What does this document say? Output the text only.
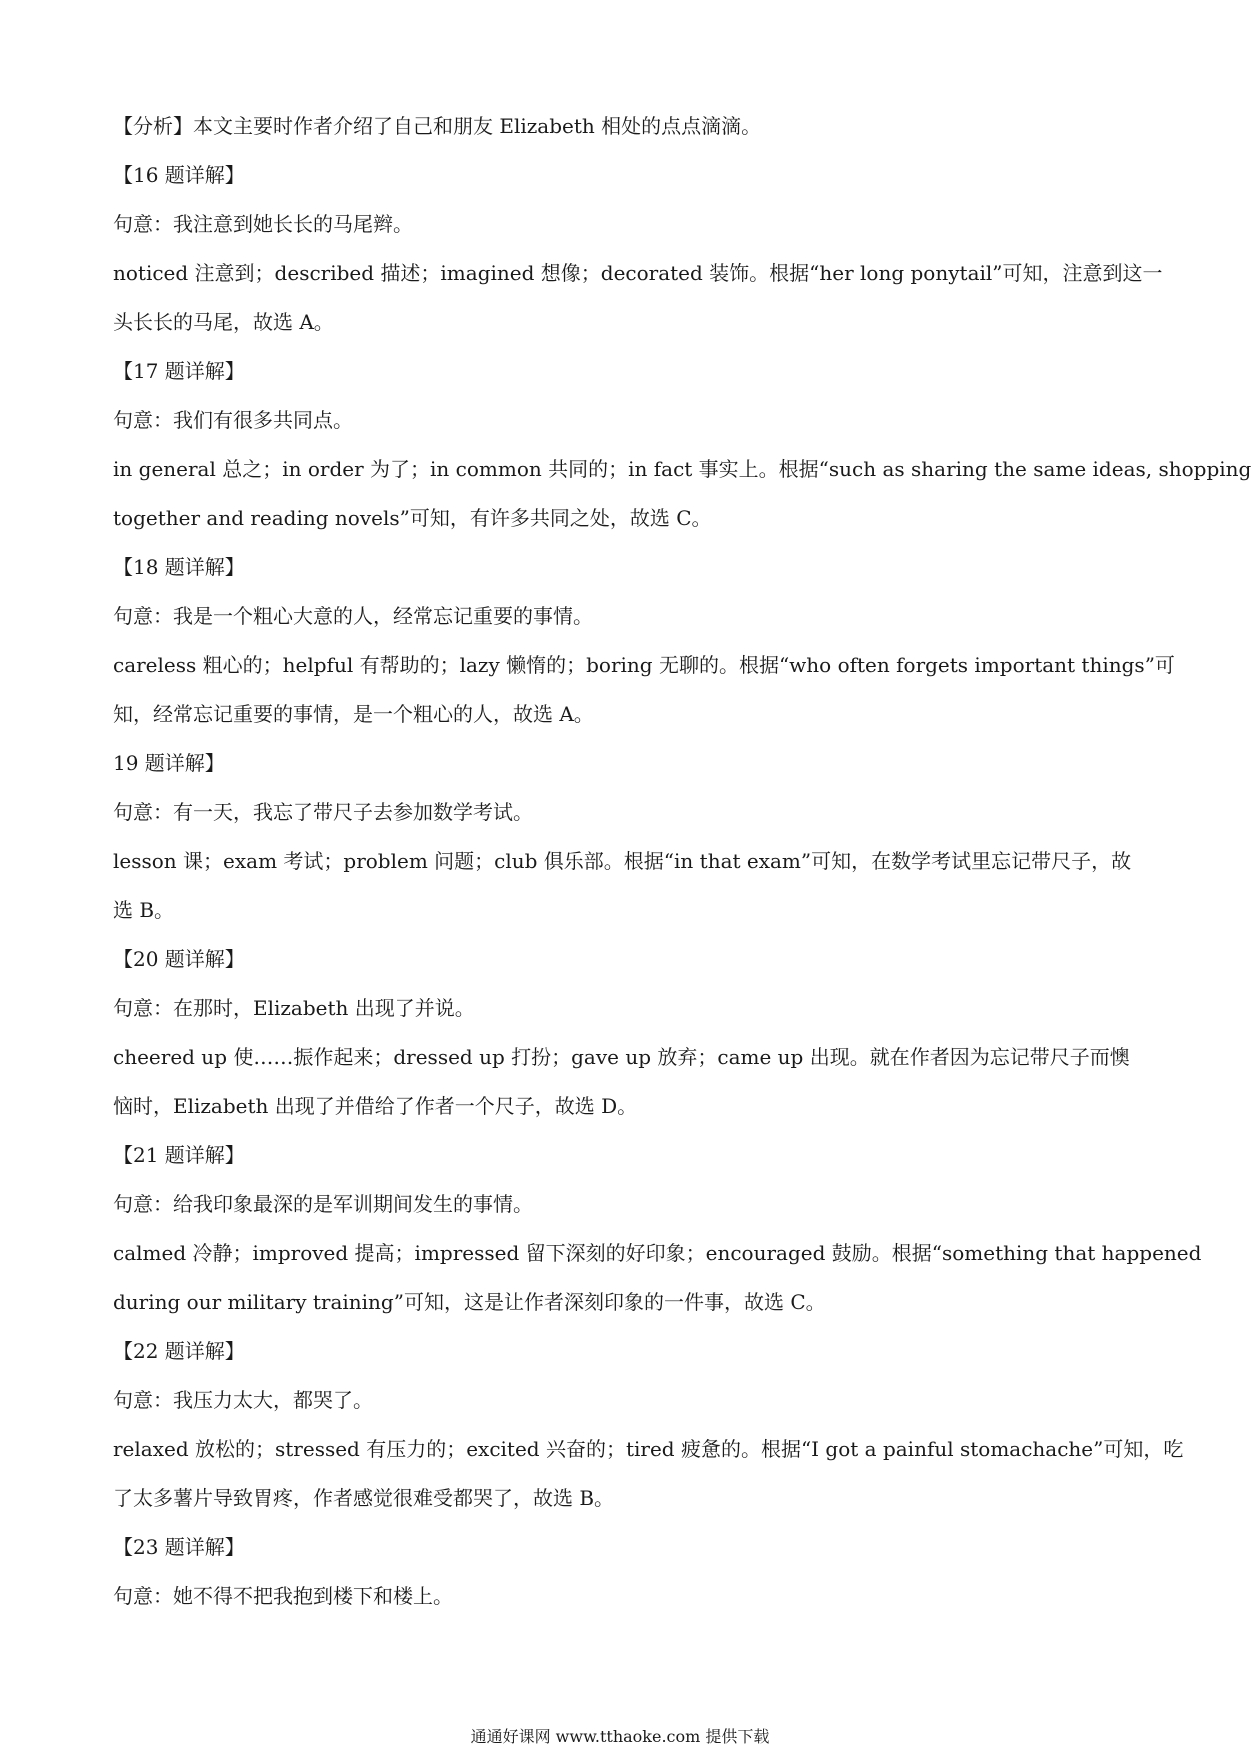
【分析】本文主要时作者介绍了自己和朋友 Elizabeth 相处的点点滴滴。
【16 题详解】
句意：我注意到她长长的马尾辫。
noticed 注意到；described 描述；imagined 想像；decorated 装饰。根据“her long ponytail”可知，注意到这一
头长长的马尾，故选 A。
【17 题详解】
句意：我们有很多共同点。
in general 总之；in order 为了；in common 共同的；in fact 事实上。根据“such as sharing the same ideas, shopping
together and reading novels”可知，有许多共同之处，故选 C。
【18 题详解】
句意：我是一个粗心大意的人，经常忘记重要的事情。
careless 粗心的；helpful 有帮助的；lazy 懒惰的；boring 无聊的。根据“who often forgets important things”可
知，经常忘记重要的事情，是一个粗心的人，故选 A。
19 题详解】
句意：有一天，我忘了带尺子去参加数学考试。
lesson 课；exam 考试；problem 问题；club 俱乐部。根据“in that exam”可知，在数学考试里忘记带尺子，故
选 B。
【20 题详解】
句意：在那时，Elizabeth 出现了并说。
cheered up 使……振作起来；dressed up 打扮；gave up 放弃；came up 出现。就在作者因为忘记带尺子而懊
恼时，Elizabeth 出现了并借给了作者一个尺子，故选 D。
【21 题详解】
句意：给我印象最深的是军训期间发生的事情。
calmed 冷静；improved 提高；impressed 留下深刻的好印象；encouraged 鼓励。根据“something that happened
during our military training”可知，这是让作者深刻印象的一件事，故选 C。
【22 题详解】
句意：我压力太大，都哭了。
relaxed 放松的；stressed 有压力的；excited 兴奋的；tired 疲惫的。根据“I got a painful stomachache”可知，吃
了太多薯片导致胃疼，作者感觉很难受都哭了，故选 B。
【23 题详解】
句意：她不得不把我抱到楼下和楼上。
通通好课网 www.tthaoke.com 提供下载
